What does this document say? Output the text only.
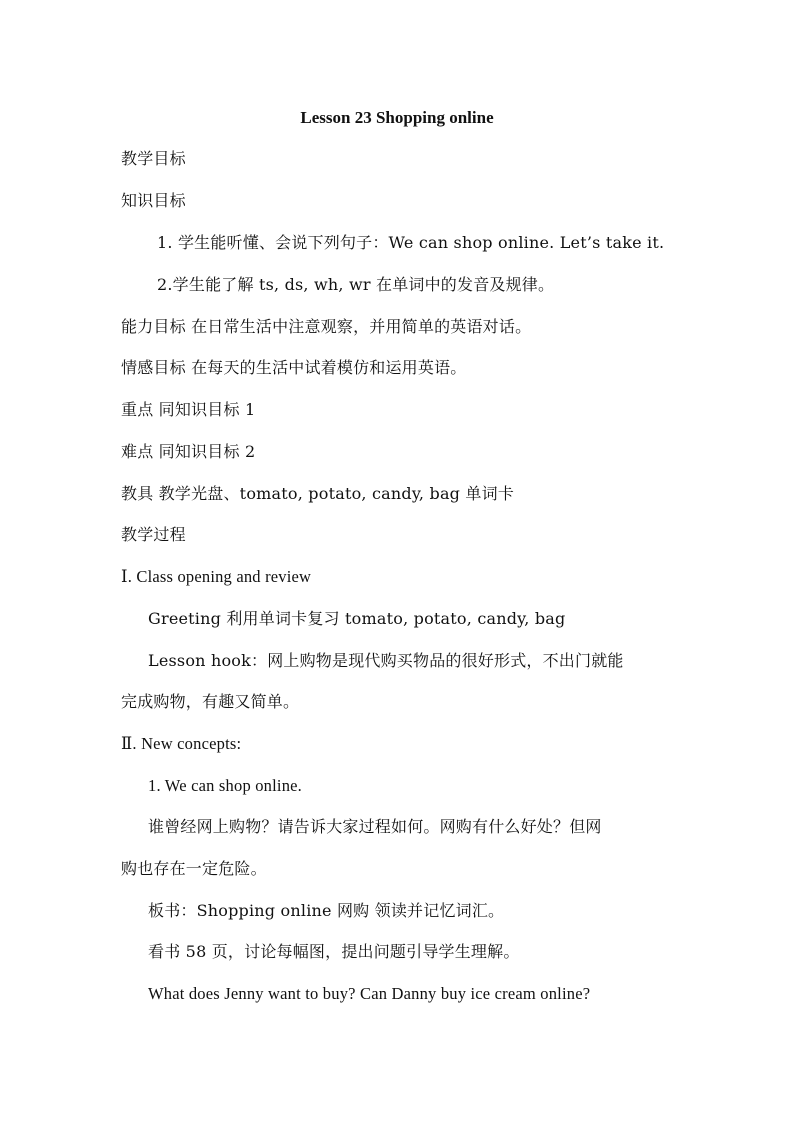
Lesson 23 Shopping online
教学目标
知识目标
1. 学生能听懂、会说下列句子：We can shop online. Let’s take it.
2.学生能了解 ts, ds, wh, wr 在单词中的发音及规律。
能力目标 在日常生活中注意观察，并用简单的英语对话。
情感目标 在每天的生活中试着模仿和运用英语。
重点 同知识目标 1
难点 同知识目标 2
教具 教学光盘、tomato, potato, candy, bag 单词卡
教学过程
Ⅰ. Class opening and review
Greeting 利用单词卡复习 tomato, potato, candy, bag
Lesson hook：网上购物是现代购买物品的很好形式，不出门就能
完成购物，有趣又简单。
Ⅱ. New concepts:
1. We can shop online.
谁曾经网上购物？请告诉大家过程如何。网购有什么好处？但网
购也存在一定危险。
板书：Shopping online 网购 领读并记忆词汇。
看书 58 页，讨论每幅图，提出问题引导学生理解。
What does Jenny want to buy? Can Danny buy ice cream online?
